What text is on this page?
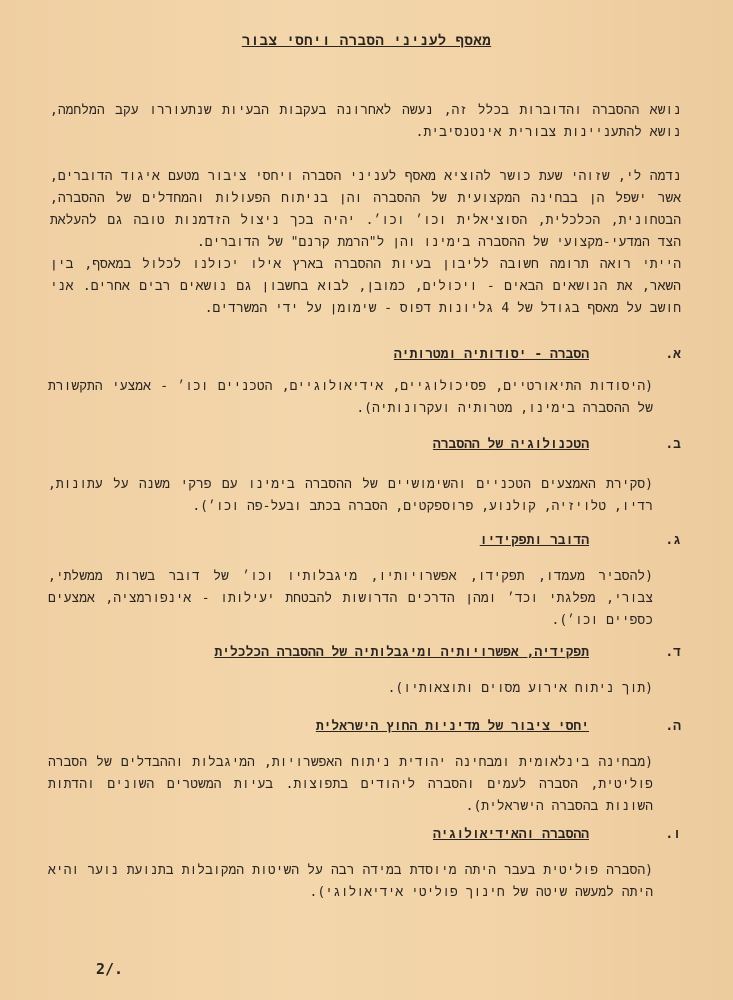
מאסף לעניני הסברה ויחסי צבור

נושא ההסברה והדוברות בכלל זה, נעשה לאחרונה בעקבות הבעיות שנתעוררו עקב המלחמה, נושא להתעניינות צבורית אינטנסיבית.

נדמה לי, שזוהי שעת כושר להוציא מאסף לעניני הסברה ויחסי ציבור מטעם איגוד הדוברים, אשר ישפל הן בבחינה המקצועית של ההסברה והן בניתוח הפעולות והמחדלים של ההסברה, הבטחונית, הכלכלית, הסוציאלית וכו׳ וכו׳. יהיה בכך ניצול הזדמנות טובה גם להעלאת הצד המדעי-מקצועי של ההסברה בימינו והן ל"הרמת קרנם" של הדוברים.

הייתי רואה תרומה חשובה לליבון בעיות ההסברה בארץ אילו יכולנו לכלול במאסף, בין השאר, את הנושאים הבאים - ויכולים, כמובן, לבוא בחשבון גם נושאים רבים אחרים. אני חושב על מאסף בגודל של 4 גליונות דפוס - שימומן על ידי המשרדים.

א.
הסברה - יסודותיה ומטרותיה

(היסודות התיאורטיים, פסיכולוגיים, אידיאולוגיים, הטכניים וכו׳ - אמצעי התקשורת של ההסברה בימינו, מטרותיה ועקרונותיה).

ב.
הטכנולוגיה של ההסברה

(סקירת האמצעים הטכניים והשימושיים של ההסברה בימינו עם פרקי משנה על עתונות, רדיו, טלויזיה, קולנוע, פרוספקטים, הסברה בכתב ובעל-פה וכו׳).

ג.
הדובר ותפקידיו

(להסביר מעמדו, תפקידו, אפשרויותיו, מיגבלותיו וכו׳ של דובר בשרות ממשלתי, צבורי, מפלגתי וכד׳ ומהן הדרכים הדרושות להבטחת יעילותו - אינפורמציה, אמצעים כספיים וכו׳).

ד.
תפקידיה, אפשרויותיה ומיגבלותיה של ההסברה הכלכלית

(תוך ניתוח אירוע מסוים ותוצאותיו).

ה.
יחסי ציבור של מדיניות החוץ הישראלית

(מבחינה בינלאומית ומבחינה יהודית ניתוח האפשרויות, המיגבלות וההבדלים של הסברה פוליטית, הסברה לעמים והסברה ליהודים בתפוצות. בעיות המשטרים השונים והדתות השונות בהסברה הישראלית).

ו.
ההסברה והאידיאולוגיה

(הסברה פוליטית בעבר היתה מיוסדת במידה רבה על השיטות המקובלות בתנועת נוער והיא היתה למעשה שיטה של חינוך פוליטי אידיאולוגי).

2/.
